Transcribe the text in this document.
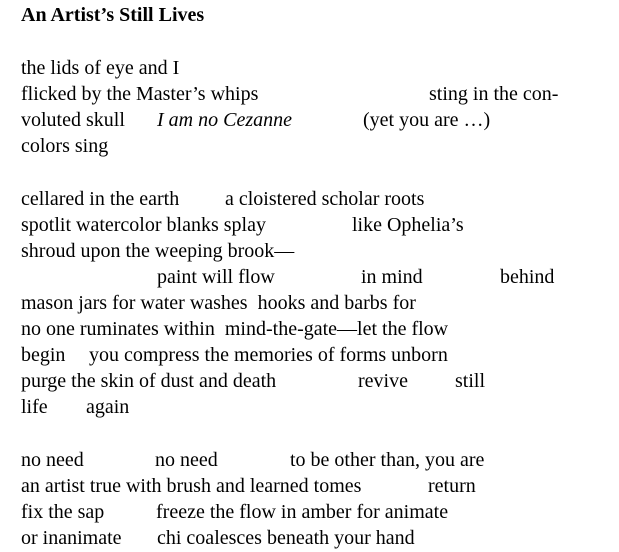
An Artist’s Still Lives
the lids of eye and I
flicked by the Master’s whips	sting in the con-
voluted skull I am no Cezanne	(yet you are …)
colors sing
cellared in the earth a cloistered scholar roots
spotlit watercolor blanks splay	like Ophelia’s
shroud upon the weeping brook—
paint will flow	in mind	behind
mason jars for water washes  hooks and barbs for
no one ruminates within  mind-the-gate—let the flow
begin you compress the memories of forms unborn
purge the skin of dust and death	revive still
life again
no need	no need	to be other than, you are
an artist true with brush and learned tomes	return
fix the sap	freeze the flow in amber for animate
or inanimate chi coalesces beneath your hand
